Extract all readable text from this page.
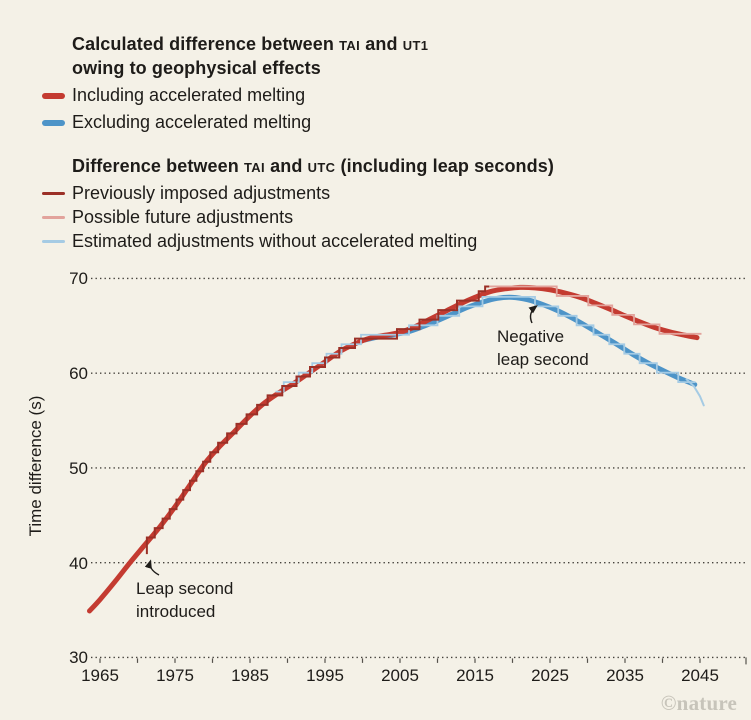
Calculated difference between TAI and UT1
owing to geophysical effects
Including accelerated melting
Excluding accelerated melting
Difference between TAI and UTC (including leap seconds)
Previously imposed adjustments
Possible future adjustments
Estimated adjustments without accelerated melting
Time difference (s)
Leap second
introduced
Negative
leap second
©nature
70
60
50
40
30
1965 1975 1985 1995 2005 2015 2025 2035 2045
